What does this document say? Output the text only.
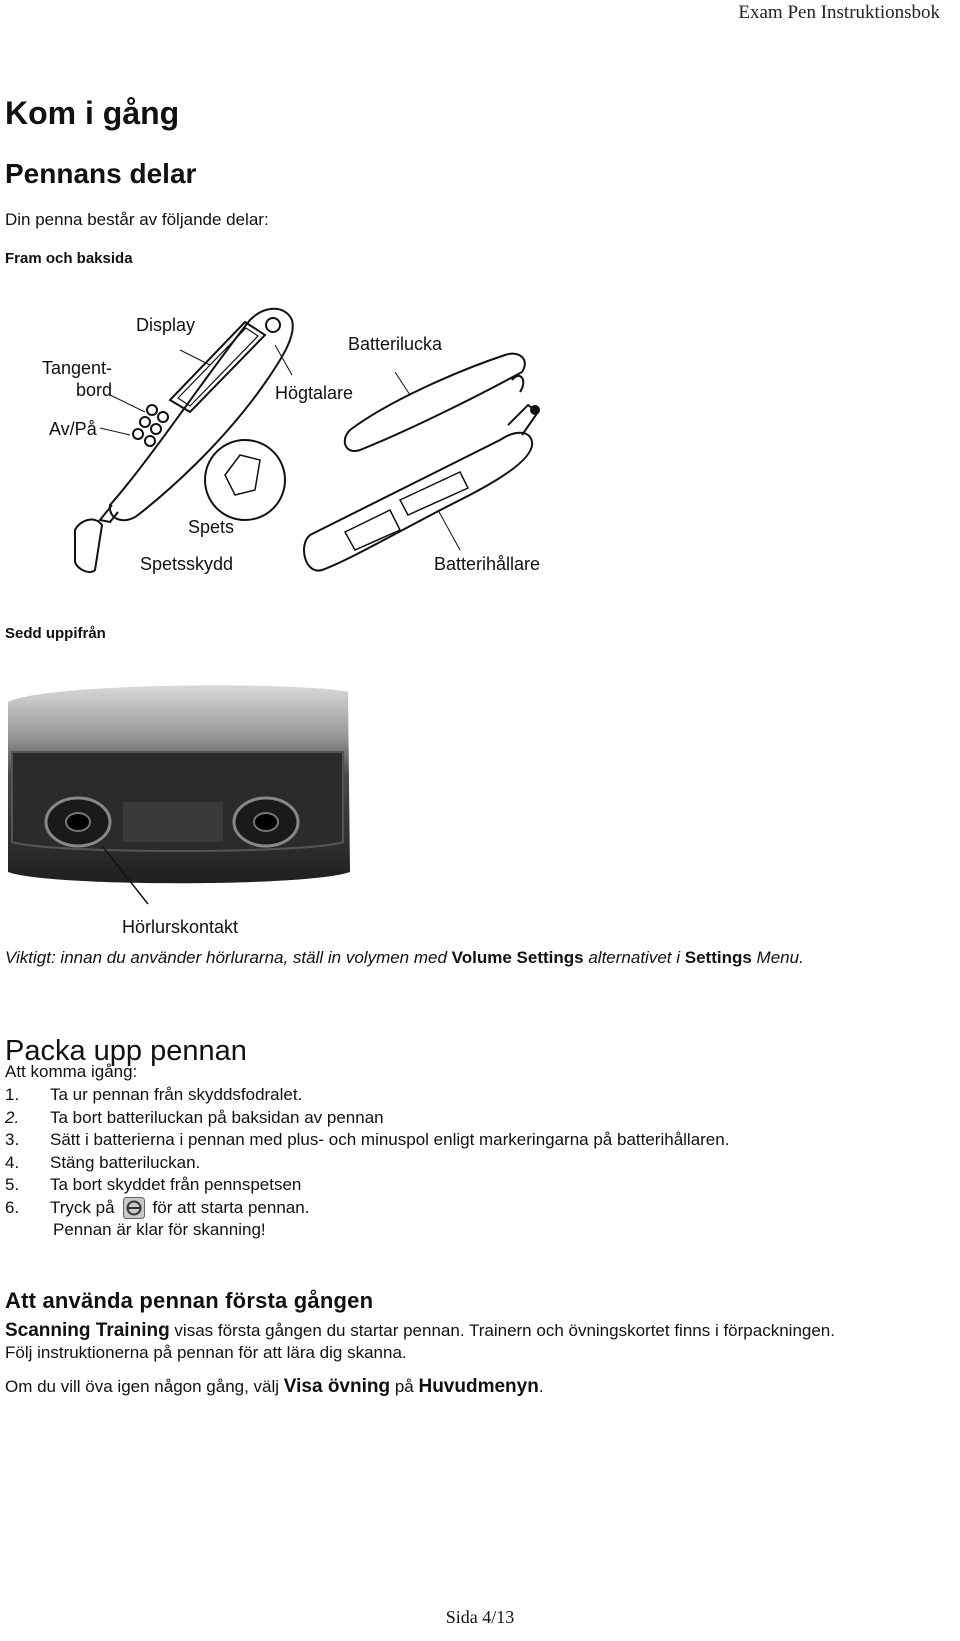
Exam Pen Instruktionsbok
Kom i gång
Pennans delar
Din penna består av följande delar:
Fram och baksida
Display
Tangent-
bord
Av/På
Högtalare
Batterilucka
Spets
Spetsskydd	Batterihållare
Sedd uppifrån
Hörlurskontakt
Viktigt: innan du använder hörlurarna, ställ in volymen med Volume Settings alternativet i Settings Menu.
Packa upp pennan
Att komma igång:
1.	Ta ur pennan från skyddsfodralet.
2.	Ta bort batteriluckan på baksidan av pennan
3.	Sätt i batterierna i pennan med plus- och minuspol enligt markeringarna på batterihållaren.
4.	Stäng batteriluckan.
5.	Ta bort skyddet från pennspetsen
6.	Tryck på för att starta pennan.
Pennan är klar för skanning!
Att använda pennan första gången
Scanning Training visas första gången du startar pennan. Trainern och övningskortet finns i förpackningen.
Följ instruktionerna på pennan för att lära dig skanna.
Om du vill öva igen någon gång, välj Visa övning på Huvudmenyn.
Sida 4/13
